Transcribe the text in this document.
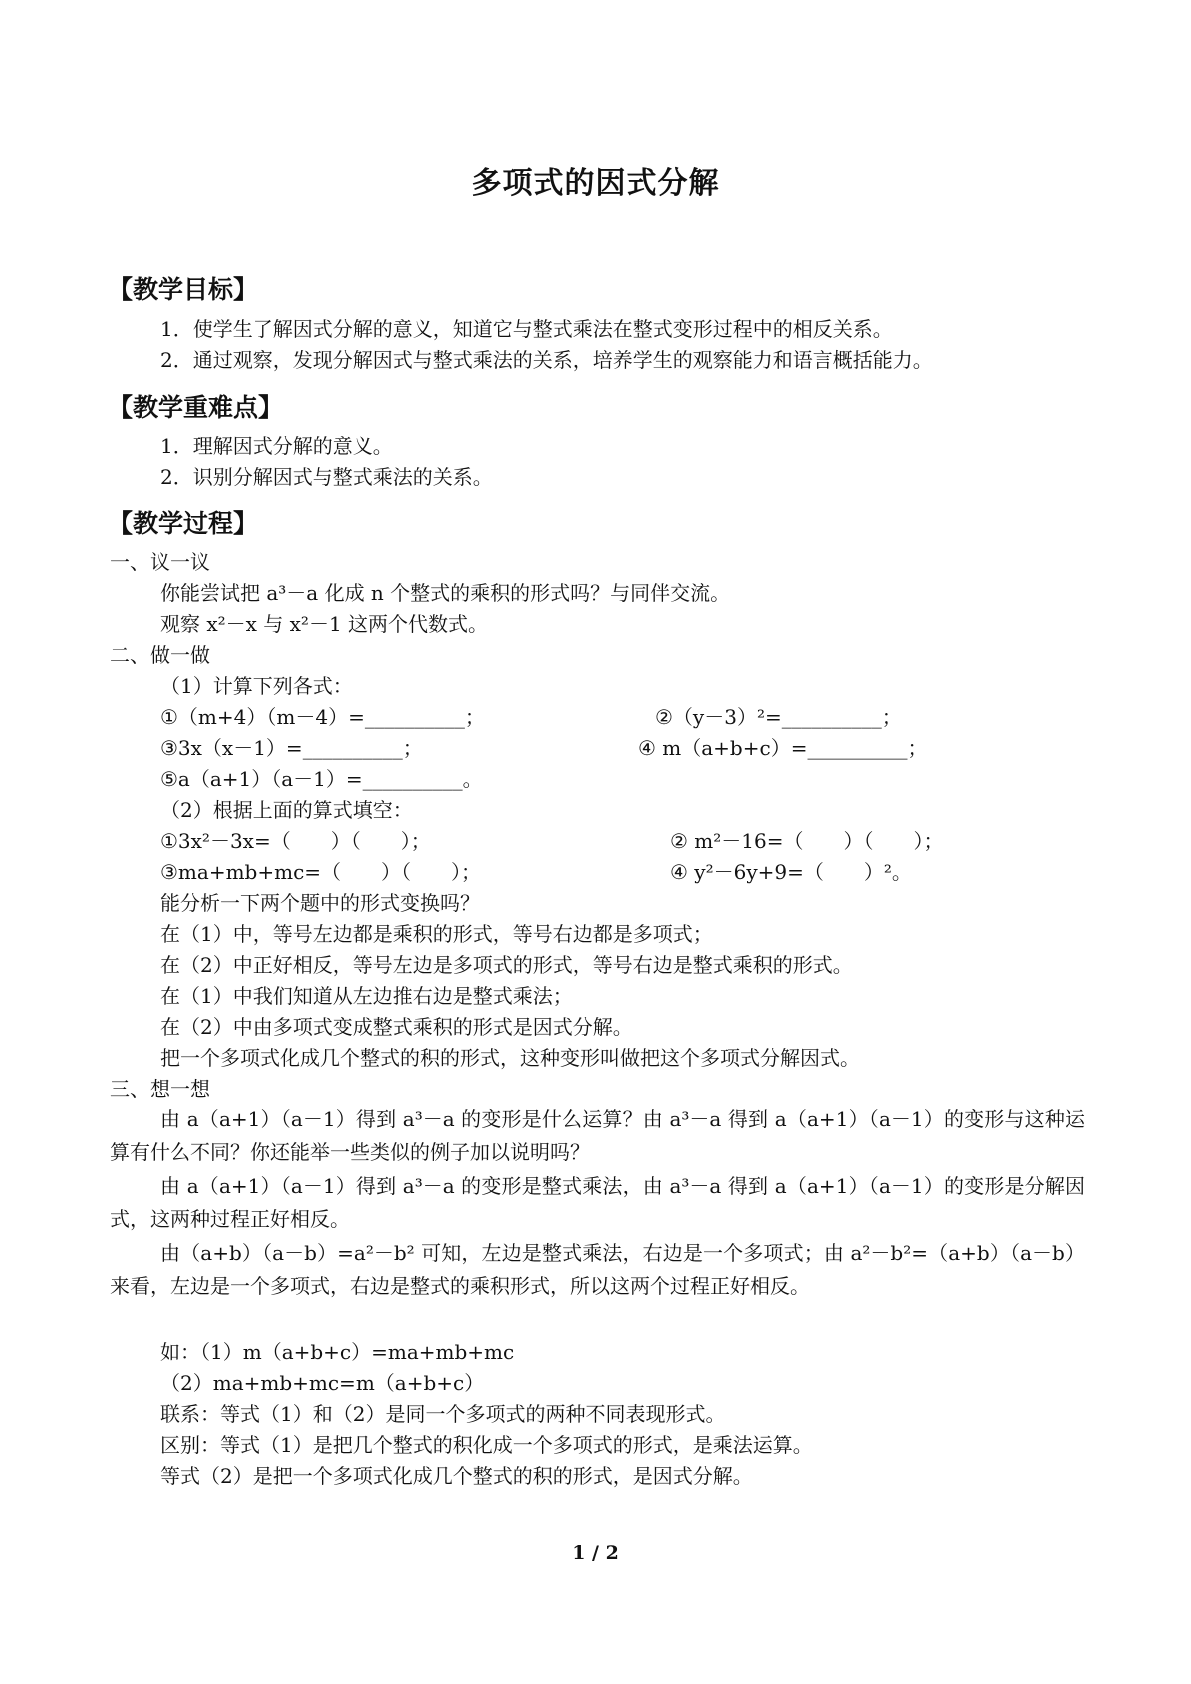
多项式的因式分解
【教学目标】
1．使学生了解因式分解的意义，知道它与整式乘法在整式变形过程中的相反关系。
2．通过观察，发现分解因式与整式乘法的关系，培养学生的观察能力和语言概括能力。
【教学重难点】
1．理解因式分解的意义。
2．识别分解因式与整式乘法的关系。
【教学过程】
一、议一议
你能尝试把 a³－a 化成 n 个整式的乘积的形式吗？与同伴交流。
观察 x²－x 与 x²－1 这两个代数式。
二、做一做
（1）计算下列各式：
①（m+4）（m－4）=__________；	②（y－3）²=__________；
③3x（x－1）=__________；	④ m（a+b+c）=__________；
⑤a（a+1）（a－1）=__________。
（2）根据上面的算式填空：
①3x²－3x=（　　）（　　）；	② m²－16=（　　）（　　）；
③ma+mb+mc=（　　）（　　）；	④ y²－6y+9=（　　）²。
能分析一下两个题中的形式变换吗？
在（1）中，等号左边都是乘积的形式，等号右边都是多项式；
在（2）中正好相反，等号左边是多项式的形式，等号右边是整式乘积的形式。
在（1）中我们知道从左边推右边是整式乘法；
在（2）中由多项式变成整式乘积的形式是因式分解。
把一个多项式化成几个整式的积的形式，这种变形叫做把这个多项式分解因式。
三、想一想
由 a（a+1）（a－1）得到 a³－a 的变形是什么运算？由 a³－a 得到 a（a+1）（a－1）的变形与这种运算有什么不同？你还能举一些类似的例子加以说明吗？
由 a（a+1）（a－1）得到 a³－a 的变形是整式乘法，由 a³－a 得到 a（a+1）（a－1）的变形是分解因式，这两种过程正好相反。
由（a+b）（a－b）=a²－b² 可知，左边是整式乘法，右边是一个多项式；由 a²－b²=（a+b）（a－b）来看，左边是一个多项式，右边是整式的乘积形式，所以这两个过程正好相反。
如：（1）m（a+b+c）=ma+mb+mc
（2）ma+mb+mc=m（a+b+c）
联系：等式（1）和（2）是同一个多项式的两种不同表现形式。
区别：等式（1）是把几个整式的积化成一个多项式的形式，是乘法运算。
等式（2）是把一个多项式化成几个整式的积的形式，是因式分解。
1 / 2
